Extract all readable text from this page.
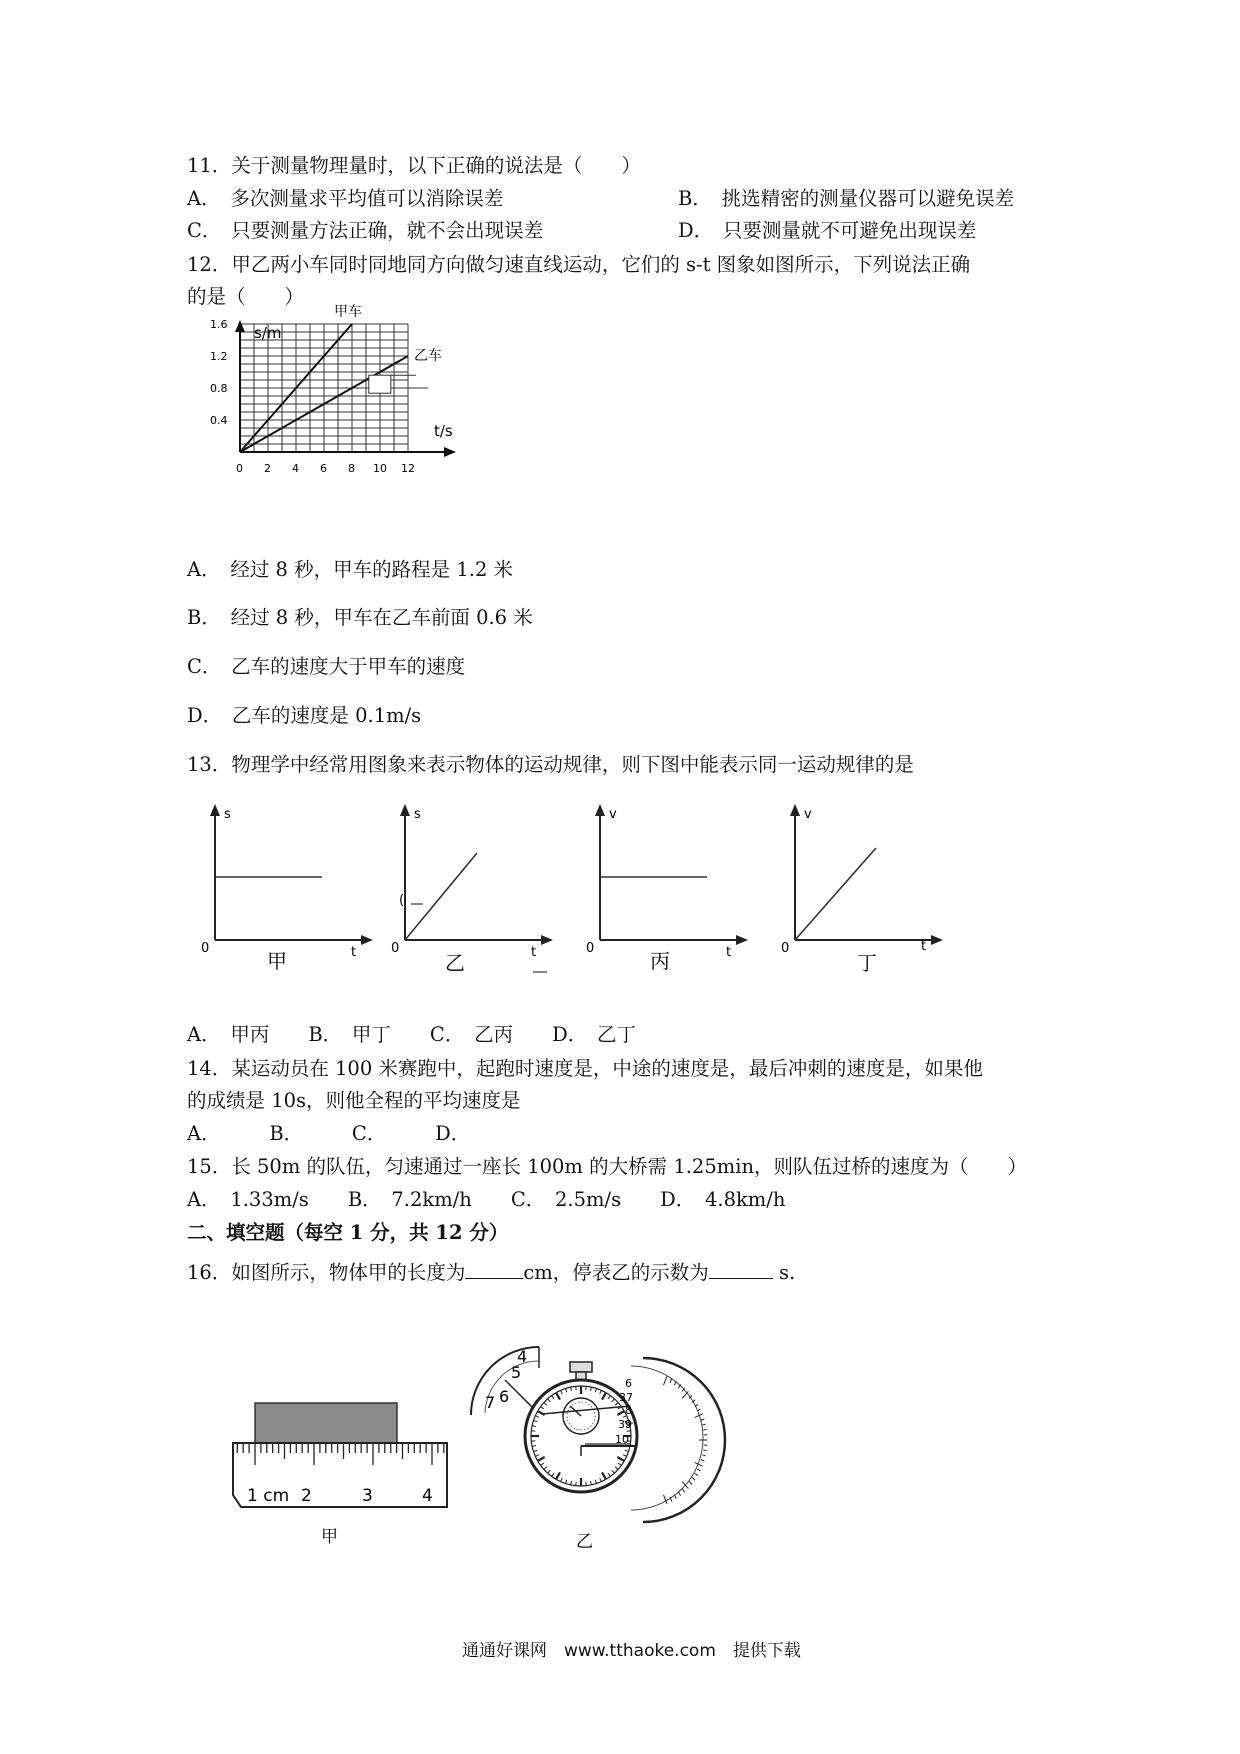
11．关于测量物理量时，以下正确的说法是（　　）
A．　多次测量求平均值可以消除误差	B．　挑选精密的测量仪器可以避免误差
C．　只要测量方法正确，就不会出现误差	D．　只要测量就不可避免出现误差
12．甲乙两小车同时同地同方向做匀速直线运动，它们的 s-t 图象如图所示，下列说法正确
的是（　　）
s/m
t/s
0 2 4 6 8 10 12
0.4
0.8
1.2
1.6
甲车
乙车
A．　经过 8 秒，甲车的路程是 1.2 米
B．　经过 8 秒，甲车在乙车前面 0.6 米
C．　乙车的速度大于甲车的速度
D．　乙车的速度是 0.1m/s
13．物理学中经常用图象来表示物体的运动规律，则下图中能表示同一运动规律的是
s
0	t
甲
(
s
0	t
乙
v
0	t
丙
v
0	t
丁
A．　甲丙　　B．　甲丁　　C．　乙丙　　D．　乙丁
14．某运动员在 100 米赛跑中，起跑时速度是，中途的速度是，最后冲刺的速度是，如果他
的成绩是 10s，则他全程的平均速度是
A．　　　B．　　　C．　　　D．
15．长 50m 的队伍，匀速通过一座长 100m 的大桥需 1.25min，则队伍过桥的速度为（　　）
A．　1.33m/s　　B．　7.2km/h　　C．　2.5m/s　　D．　4.8km/h
二、填空题（每空 1 分，共 12 分）
16．如图所示，物体甲的长度为	cm，停表乙的示数为	s.
1 cm 2	3	4
甲
4
5
6
7
6
37
8
39
10
乙
通通好课网　www.tthaoke.com　提供下载
